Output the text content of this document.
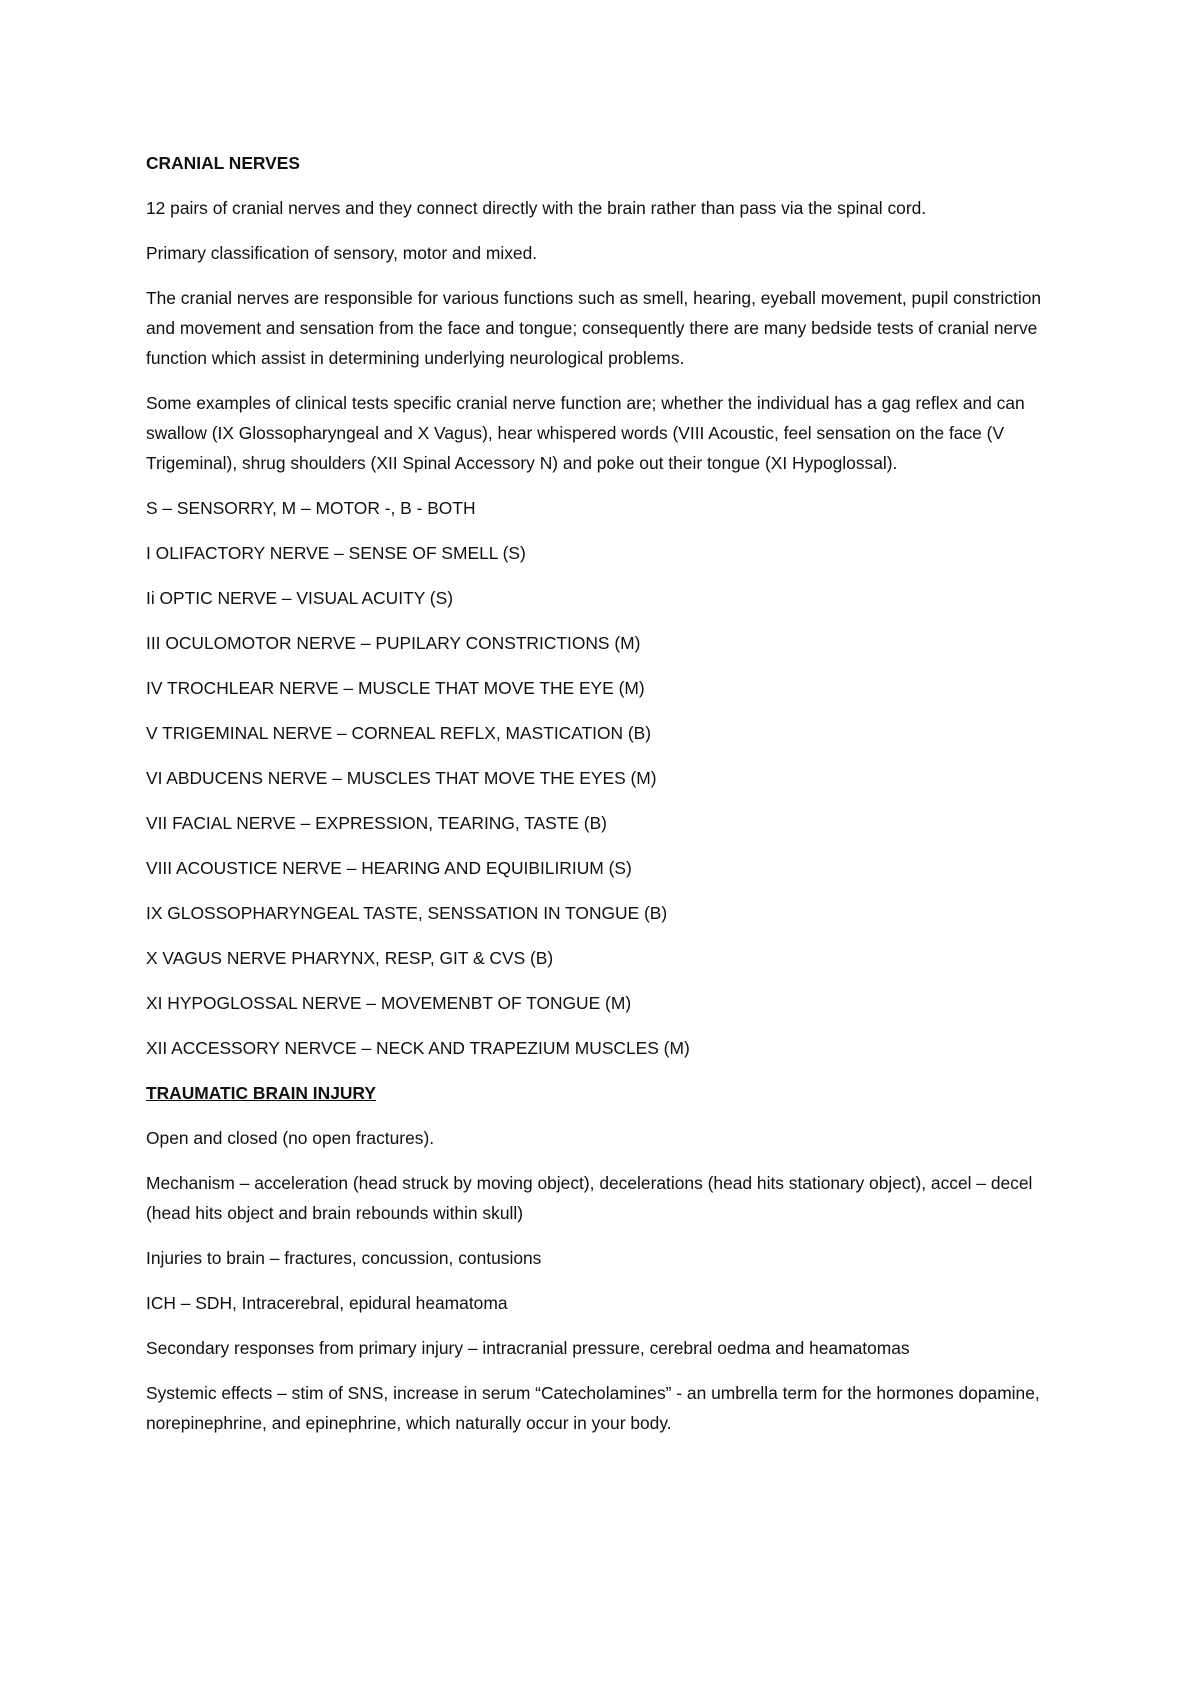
CRANIAL NERVES

12 pairs of cranial nerves and they connect directly with the brain rather than pass via the spinal cord.

Primary classification of sensory, motor and mixed.

The cranial nerves are responsible for various functions such as smell, hearing, eyeball movement, pupil constriction and movement and sensation from the face and tongue; consequently there are many bedside tests of cranial nerve function which assist in determining underlying neurological problems.

Some examples of clinical tests specific cranial nerve function are; whether the individual has a gag reflex and can swallow (IX Glossopharyngeal and X Vagus), hear whispered words (VIII Acoustic, feel sensation on the face (V Trigeminal), shrug shoulders (XII Spinal Accessory N) and poke out their tongue (XI Hypoglossal).

S – SENSORRY, M – MOTOR -, B - BOTH

I OLIFACTORY NERVE – SENSE OF SMELL (S)

Ii OPTIC NERVE – VISUAL ACUITY (S)

III OCULOMOTOR NERVE – PUPILARY CONSTRICTIONS (M)

IV TROCHLEAR NERVE – MUSCLE THAT MOVE THE EYE (M)

V TRIGEMINAL NERVE – CORNEAL REFLX, MASTICATION (B)

VI ABDUCENS NERVE – MUSCLES THAT MOVE THE EYES (M)

VII FACIAL NERVE – EXPRESSION, TEARING, TASTE (B)

VIII ACOUSTICE NERVE – HEARING AND EQUIBILIRIUM (S)

IX GLOSSOPHARYNGEAL TASTE, SENSSATION IN TONGUE (B)

X VAGUS NERVE PHARYNX, RESP, GIT & CVS (B)

XI HYPOGLOSSAL NERVE – MOVEMENBT OF TONGUE (M)

XII ACCESSORY NERVCE – NECK AND TRAPEZIUM MUSCLES (M)

TRAUMATIC BRAIN INJURY

Open and closed (no open fractures).

Mechanism – acceleration (head struck by moving object), decelerations (head hits stationary object), accel – decel (head hits object and brain rebounds within skull)

Injuries to brain – fractures, concussion, contusions

ICH – SDH, Intracerebral, epidural heamatoma

Secondary responses from primary injury – intracranial pressure, cerebral oedma and heamatomas

Systemic effects – stim of SNS, increase in serum “Catecholamines” - an umbrella term for the hormones dopamine, norepinephrine, and epinephrine, which naturally occur in your body.
